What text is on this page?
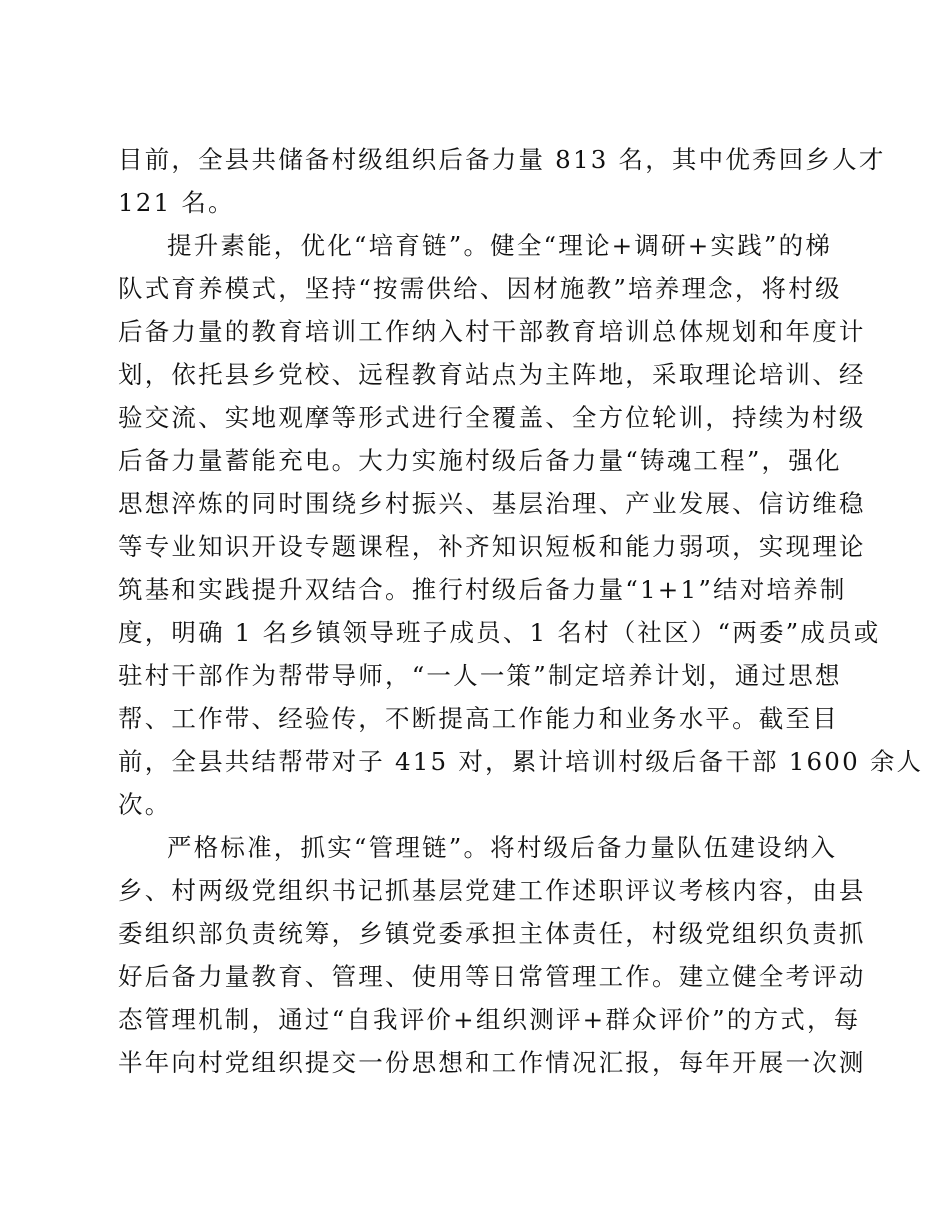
目前，全县共储备村级组织后备力量 813 名，其中优秀回乡人才
121 名。
提升素能，优化“培育链”。健全“理论+调研+实践”的梯
队式育养模式，坚持“按需供给、因材施教”培养理念，将村级
后备力量的教育培训工作纳入村干部教育培训总体规划和年度计
划，依托县乡党校、远程教育站点为主阵地，采取理论培训、经
验交流、实地观摩等形式进行全覆盖、全方位轮训，持续为村级
后备力量蓄能充电。大力实施村级后备力量“铸魂工程”，强化
思想淬炼的同时围绕乡村振兴、基层治理、产业发展、信访维稳
等专业知识开设专题课程，补齐知识短板和能力弱项，实现理论
筑基和实践提升双结合。推行村级后备力量“1+1”结对培养制
度，明确 1 名乡镇领导班子成员、1 名村（社区）“两委”成员或
驻村干部作为帮带导师，“一人一策”制定培养计划，通过思想
帮、工作带、经验传，不断提高工作能力和业务水平。截至目
前，全县共结帮带对子 415 对，累计培训村级后备干部 1600 余人
次。
严格标准，抓实“管理链”。将村级后备力量队伍建设纳入
乡、村两级党组织书记抓基层党建工作述职评议考核内容，由县
委组织部负责统筹，乡镇党委承担主体责任，村级党组织负责抓
好后备力量教育、管理、使用等日常管理工作。建立健全考评动
态管理机制，通过“自我评价+组织测评+群众评价”的方式，每
半年向村党组织提交一份思想和工作情况汇报，每年开展一次测
